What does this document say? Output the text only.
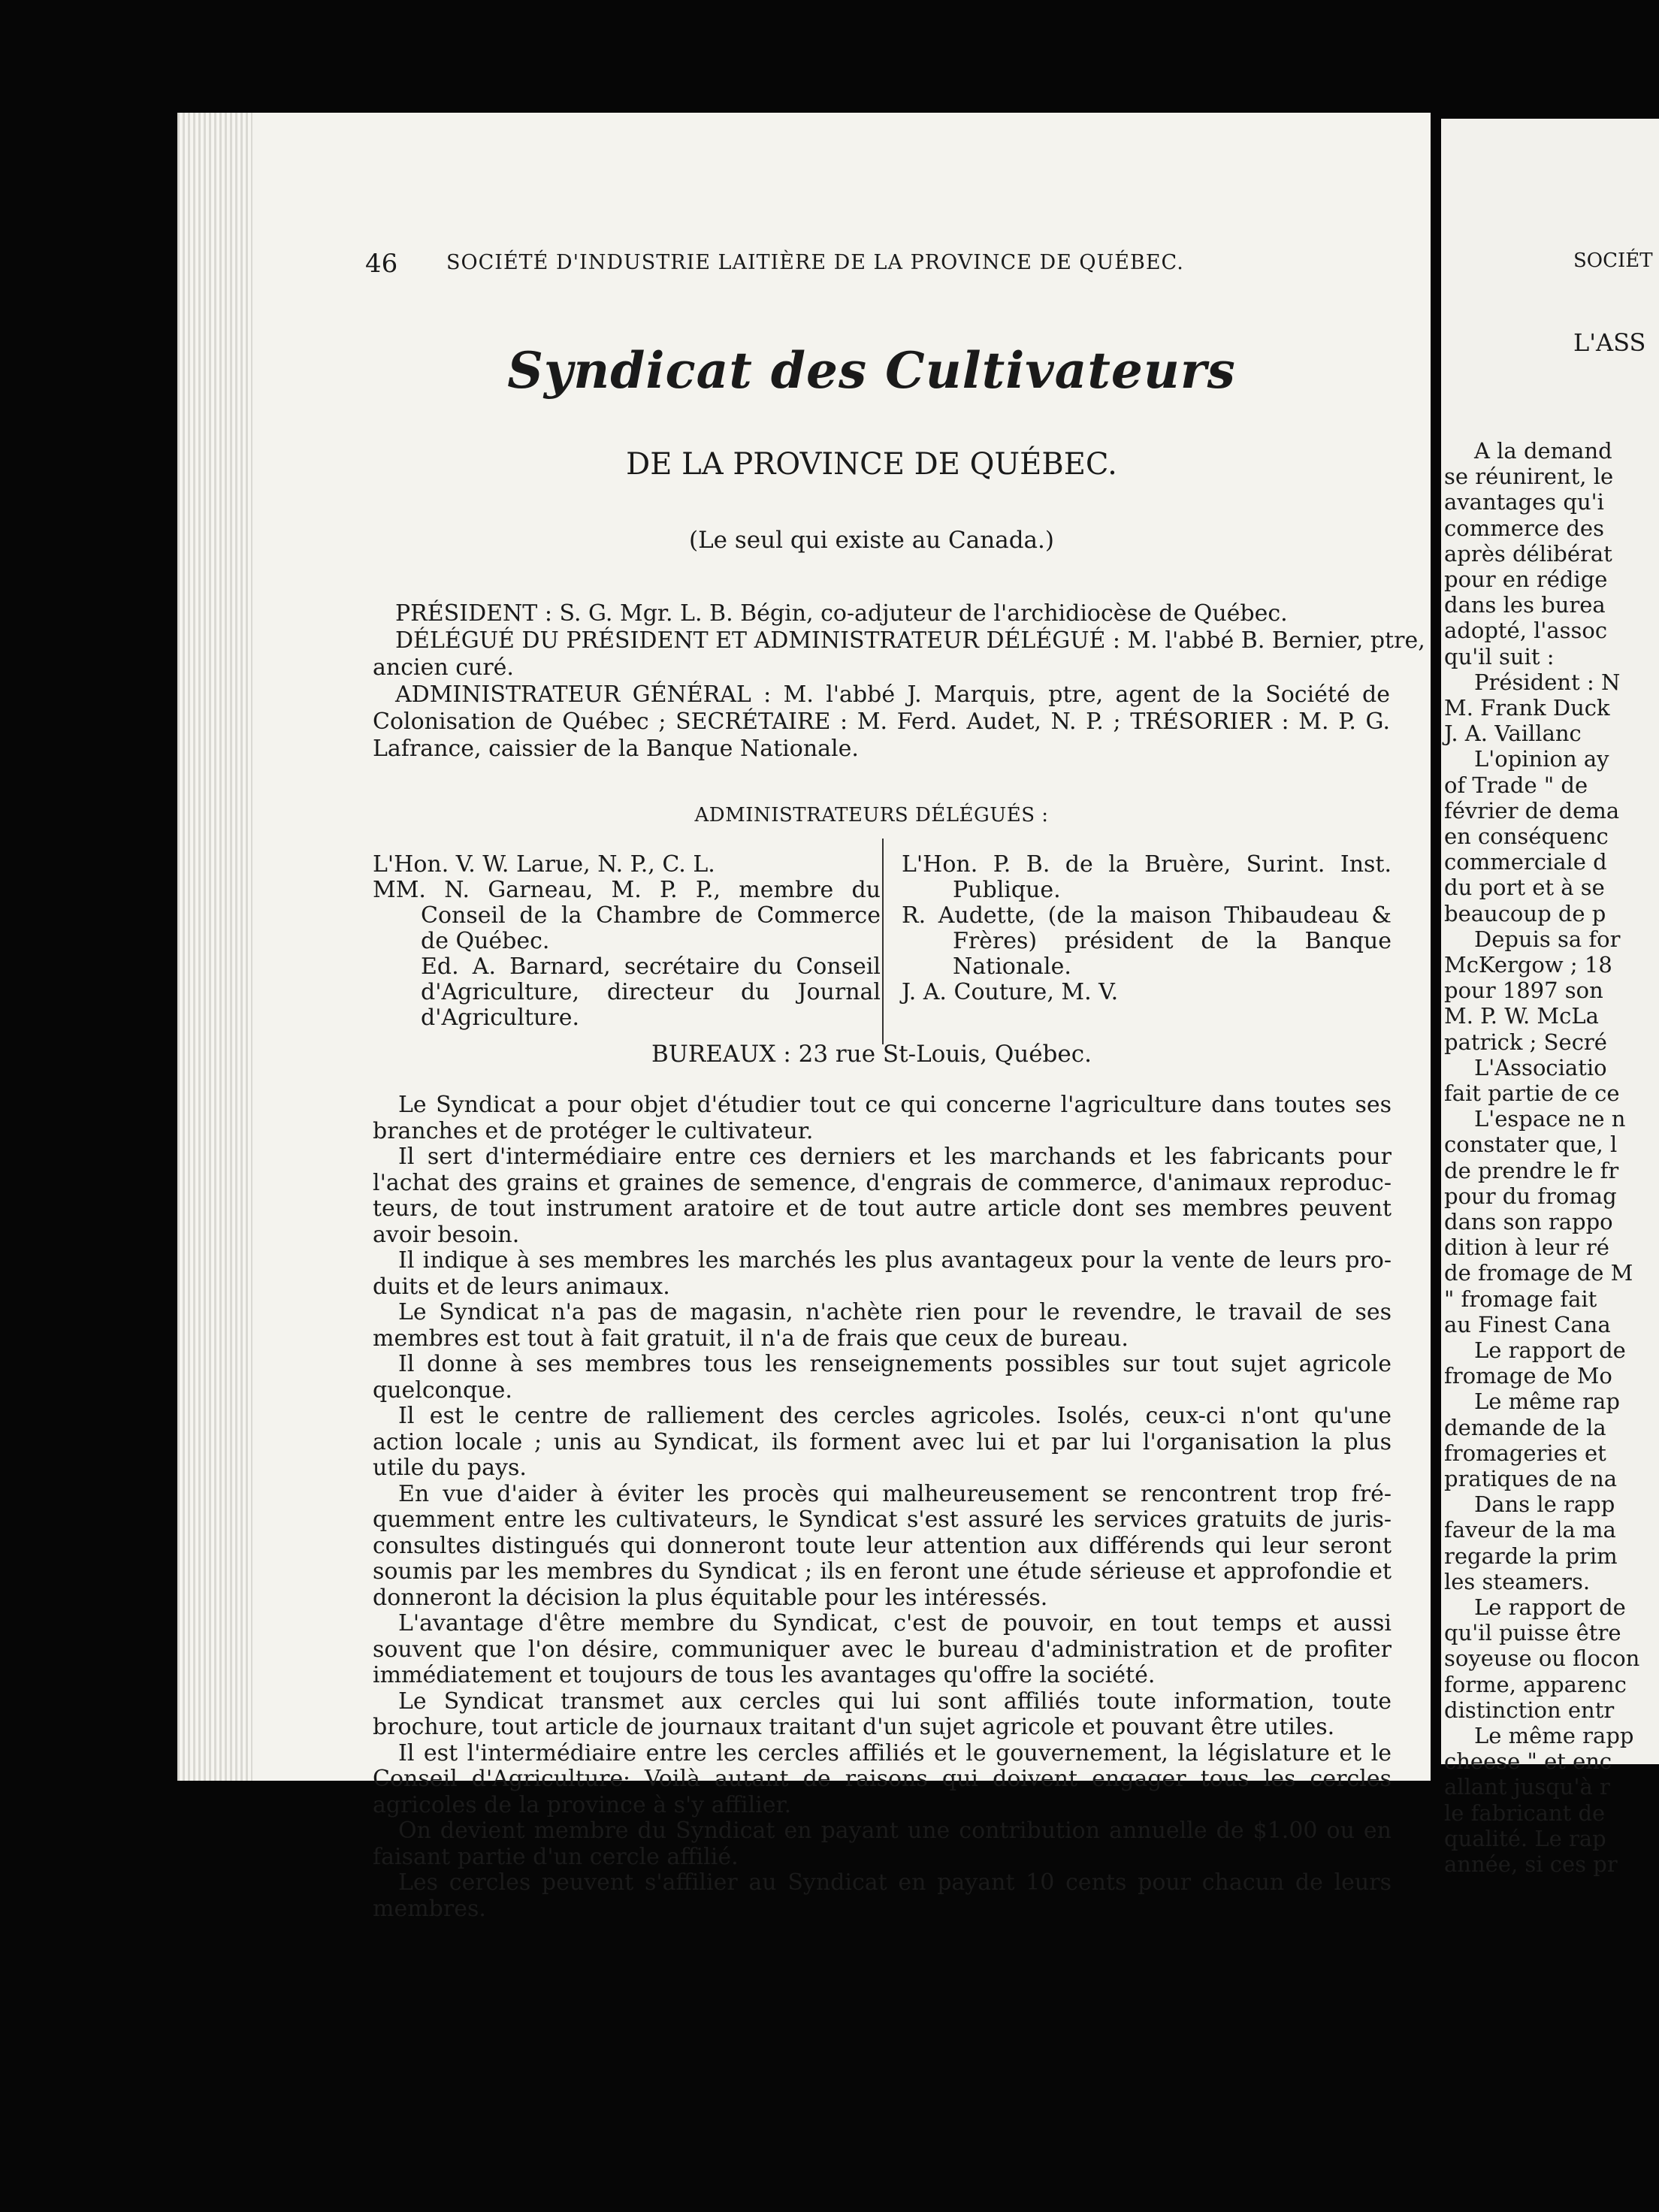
SOCIÉT
L'ASS
A la demand
se réunirent, le
avantages qu'i
commerce des
après délibérat
pour en rédige
dans les burea
adopté, l'assoc
qu'il suit :
Président : N
M. Frank Duck
J. A. Vaillanc
L'opinion ay
of Trade " de
février de dema
en conséquenc
commerciale d
du port et à se
beaucoup de p
Depuis sa for
McKergow ; 18
pour 1897 son
M. P. W. McLa
patrick ; Secré
L'Associatio
fait partie de ce
L'espace ne n
constater que, l
de prendre le fr
pour du fromag
dans son rappo
dition à leur ré
de fromage de M
" fromage fait
au Finest Cana
Le rapport de
fromage de Mo
Le même rap
demande de la
fromageries et
pratiques de na
Dans le rapp
faveur de la ma
regarde la prim
les steamers.
Le rapport de
qu'il puisse être
soyeuse ou flocon
forme, apparenc
distinction entr
Le même rapp
cheese " et enc
allant jusqu'à r
le fabricant de
qualité. Le rap
année, si ces pr
46 SOCIÉTÉ D'INDUSTRIE LAITIÈRE DE LA PROVINCE DE QUÉBEC.
Syndicat des Cultivateurs
DE LA PROVINCE DE QUÉBEC.
(Le seul qui existe au Canada.)
PRÉSIDENT : S. G. Mgr. L. B. Bégin, co-adjuteur de l'archidiocèse de Québec.
DÉLÉGUÉ DU PRÉSIDENT ET ADMINISTRATEUR DÉLÉGUÉ : M. l'abbé B. Bernier, ptre,
ancien curé.
ADMINISTRATEUR GÉNÉRAL : M. l'abbé J. Marquis, ptre, agent de la Société de
Colonisation de Québec ; SECRÉTAIRE : M. Ferd. Audet, N. P. ; TRÉSORIER : M. P. G.
Lafrance, caissier de la Banque Nationale.
ADMINISTRATEURS DÉLÉGUÉS :
L'Hon. V. W. Larue, N. P., C. L.
MM. N. Garneau, M. P. P., membre du
Conseil de la Chambre de Commerce
de Québec.
Ed. A. Barnard, secrétaire du Conseil
d'Agriculture, directeur du Journal
d'Agriculture.
L'Hon. P. B. de la Bruère, Surint. Inst.
Publique.
R. Audette, (de la maison Thibaudeau &
Frères) président de la Banque
Nationale.
J. A. Couture, M. V.
BUREAUX : 23 rue St-Louis, Québec.
Le Syndicat a pour objet d'étudier tout ce qui concerne l'agriculture dans toutes ses
branches et de protéger le cultivateur.
Il sert d'intermédiaire entre ces derniers et les marchands et les fabricants pour
l'achat des grains et graines de semence, d'engrais de commerce, d'animaux reproduc-
teurs, de tout instrument aratoire et de tout autre article dont ses membres peuvent
avoir besoin.
Il indique à ses membres les marchés les plus avantageux pour la vente de leurs pro-
duits et de leurs animaux.
Le Syndicat n'a pas de magasin, n'achète rien pour le revendre, le travail de ses
membres est tout à fait gratuit, il n'a de frais que ceux de bureau.
Il donne à ses membres tous les renseignements possibles sur tout sujet agricole
quelconque.
Il est le centre de ralliement des cercles agricoles. Isolés, ceux-ci n'ont qu'une
action locale ; unis au Syndicat, ils forment avec lui et par lui l'organisation la plus
utile du pays.
En vue d'aider à éviter les procès qui malheureusement se rencontrent trop fré-
quemment entre les cultivateurs, le Syndicat s'est assuré les services gratuits de juris-
consultes distingués qui donneront toute leur attention aux différends qui leur seront
soumis par les membres du Syndicat ; ils en feront une étude sérieuse et approfondie et
donneront la décision la plus équitable pour les intéressés.
L'avantage d'être membre du Syndicat, c'est de pouvoir, en tout temps et aussi
souvent que l'on désire, communiquer avec le bureau d'administration et de profiter
immédiatement et toujours de tous les avantages qu'offre la société.
Le Syndicat transmet aux cercles qui lui sont affiliés toute information, toute
brochure, tout article de journaux traitant d'un sujet agricole et pouvant être utiles.
Il est l'intermédiaire entre les cercles affiliés et le gouvernement, la législature et le
Conseil d'Agriculture· Voilà autant de raisons qui doivent engager tous les cercles
agricoles de la province à s'y affilier.
On devient membre du Syndicat en payant une contribution annuelle de $1.00 ou en
faisant partie d'un cercle affilié.
Les cercles peuvent s'affilier au Syndicat en payant 10 cents pour chacun de leurs
membres.
